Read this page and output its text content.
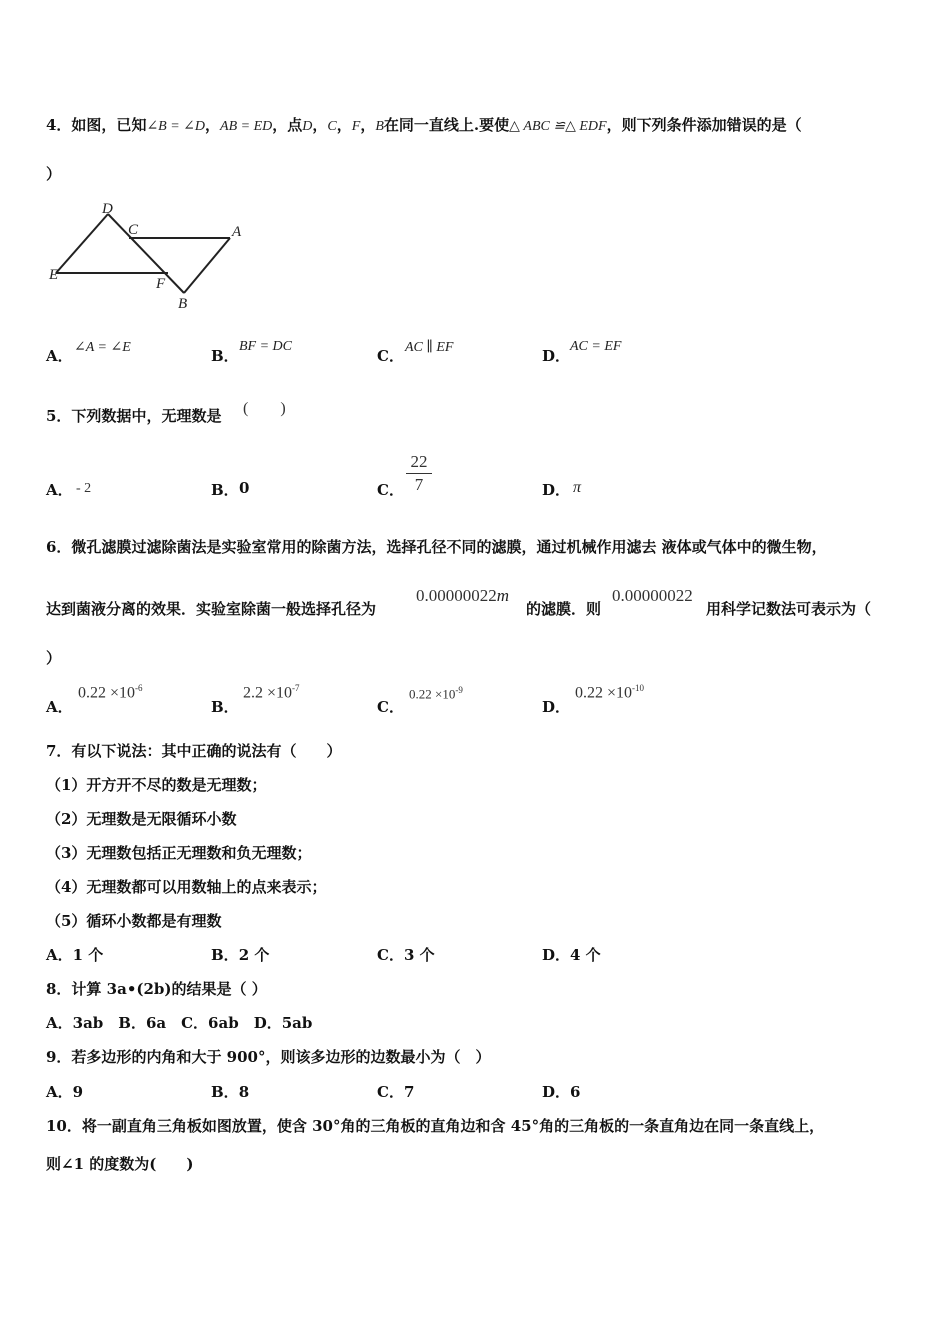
4．如图，已知∠B = ∠D，AB = ED，点D，C，F，B在同一直线上.要使△ ABC ≌△ EDF，则下列条件添加错误的是（
）
D
C	A
E
F
B
A． ∠A = ∠E	B．
BF = DC
C． AC ∥ EF	D．
AC = EF
5．下列数据中，无理数是 (　　)
A． - 2	B． 0	C．
22
7	D． π
6．微孔滤膜过滤除菌法是实验室常用的除菌方法，选择孔径不同的滤膜，通过机械作用滤去 液体或气体中的微生物，
达到菌液分离的效果．实验室除菌一般选择孔径为
0.00000022m
的滤膜．则
0.00000022
用科学记数法可表示为（
）
A．
$0.22 \times 10^{-6}$
B．
$2.2 \times 10^{-7}$
C．
$0.22 \times 10^{-9}$
D．
$0.22 \times 10^{-10}$
7．有以下说法：其中正确的说法有（　　）
（1）开方开不尽的数是无理数；
（2）无理数是无限循环小数
（3）无理数包括正无理数和负无理数；
（4）无理数都可以用数轴上的点来表示；
（5）循环小数都是有理数
A．1 个	B．2 个	C．3 个	D．4 个
8．计算 3a•(2b)的结果是（ ）
A．3ab　B．6a　C．6ab　D．5ab
9．若多边形的内角和大于 900°，则该多边形的边数最小为（　）
A．9	B．8	C．7	D．6
10．将一副直角三角板如图放置，使含 30°角的三角板的直角边和含 45°角的三角板的一条直角边在同一条直线上，
则∠1 的度数为(　　)
